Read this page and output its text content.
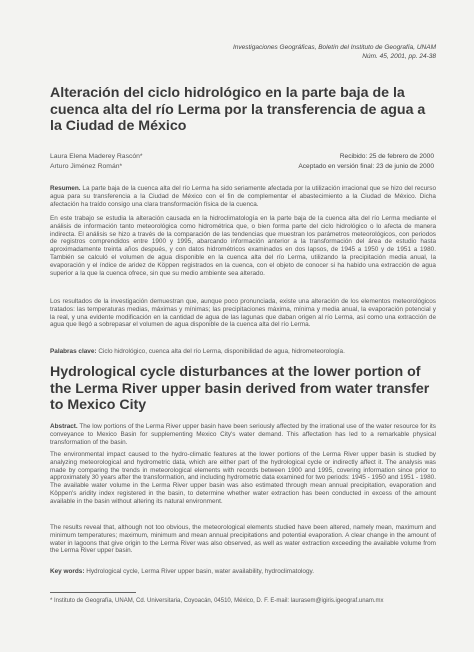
Investigaciones Geográficas, Boletín del Instituto de Geografía, UNAM
Núm. 45, 2001, pp. 24-38
Alteración del ciclo hidrológico en la parte baja de la cuenca alta del río Lerma por la transferencia de agua a la Ciudad de México
Laura Elena Maderey Rascón*
Arturo Jiménez Román*
Recibido: 25 de febrero de 2000
Aceptado en versión final: 23 de junio de 2000
Resumen. La parte baja de la cuenca alta del río Lerma ha sido seriamente afectada por la utilización irracional que se hizo del recurso agua para su transferencia a la Ciudad de México con el fin de complementar el abastecimiento a la Ciudad de México. Dicha afectación ha traído consigo una clara transformación física de la cuenca.
En este trabajo se estudia la alteración causada en la hidroclimatología en la parte baja de la cuenca alta del río Lerma mediante el análisis de información tanto meteorológica como hidrométrica que, o bien forma parte del ciclo hidrológico o lo afecta de manera indirecta. El análisis se hizo a través de la comparación de las tendencias que muestran los parámetros meteorológicos, con periodos de registros comprendidos entre 1900 y 1995, abarcando información anterior a la transformación del área de estudio hasta aproximadamente treinta años después, y con datos hidrométricos examinados en dos lapsos, de 1945 a 1950 y de 1951 a 1980. También se calculó el volumen de agua disponible en la cuenca alta del río Lerma, utilizando la precipitación media anual, la evaporación y el índice de aridez de Köppen registrados en la cuenca, con el objeto de conocer si ha habido una extracción de agua superior a la que la cuenca ofrece, sin que su medio ambiente sea alterado.
Los resultados de la investigación demuestran que, aunque poco pronunciada, existe una alteración de los elementos meteorológicos tratados: las temperaturas medias, máximas y mínimas; las precipitaciones máxima, mínima y media anual, la evaporación potencial y la real, y una evidente modificación en la cantidad de agua de las lagunas que daban origen al río Lerma, así como una extracción de agua que llegó a sobrepasar el volumen de agua disponible de la cuenca alta del río Lerma.
Palabras clave: Ciclo hidrológico, cuenca alta del río Lerma, disponibilidad de agua, hidrometeorología.
Hydrological cycle disturbances at the lower portion of the Lerma River upper basin derived from water transfer to Mexico City
Abstract. The low portions of the Lerma River upper basin have been seriously affected by the irrational use of the water resource for its conveyance to Mexico Basin for supplementing Mexico City's water demand. This affectation has led to a remarkable physical transformation of the basin.
The environmental impact caused to the hydro-climatic features at the lower portions of the Lerma River upper basin is studied by analyzing meteorological and hydrometric data, which are either part of the hydrological cycle or indirectly affect it. The analysis was made by comparing the trends in meteorological elements with records between 1900 and 1995, covering information since prior to approximately 30 years after the transformation, and including hydrometric data examined for two periods: 1945 - 1950 and 1951 - 1980. The available water volume in the Lerma River upper basin was also estimated through mean annual precipitation, evaporation and Köppen's aridity index registered in the basin, to determine whether water extraction has been conducted in excess of the amount available in the basin without altering its natural environment.
The results reveal that, although not too obvious, the meteorological elements studied have been altered, namely mean, maximum and minimum temperatures; maximum, minimum and mean annual precipitations and potential evaporation. A clear change in the amount of water in lagoons that give origin to the Lerma River was also observed, as well as water extraction exceeding the available volume from the Lerma River upper basin.
Key words: Hydrological cycle, Lerma River upper basin, water availability, hydroclimatology.
* Instituto de Geografía, UNAM, Cd. Universitaria, Coyoacán, 04510, México, D. F. E-mail: laurasem@igiris.igeograf.unam.mx
